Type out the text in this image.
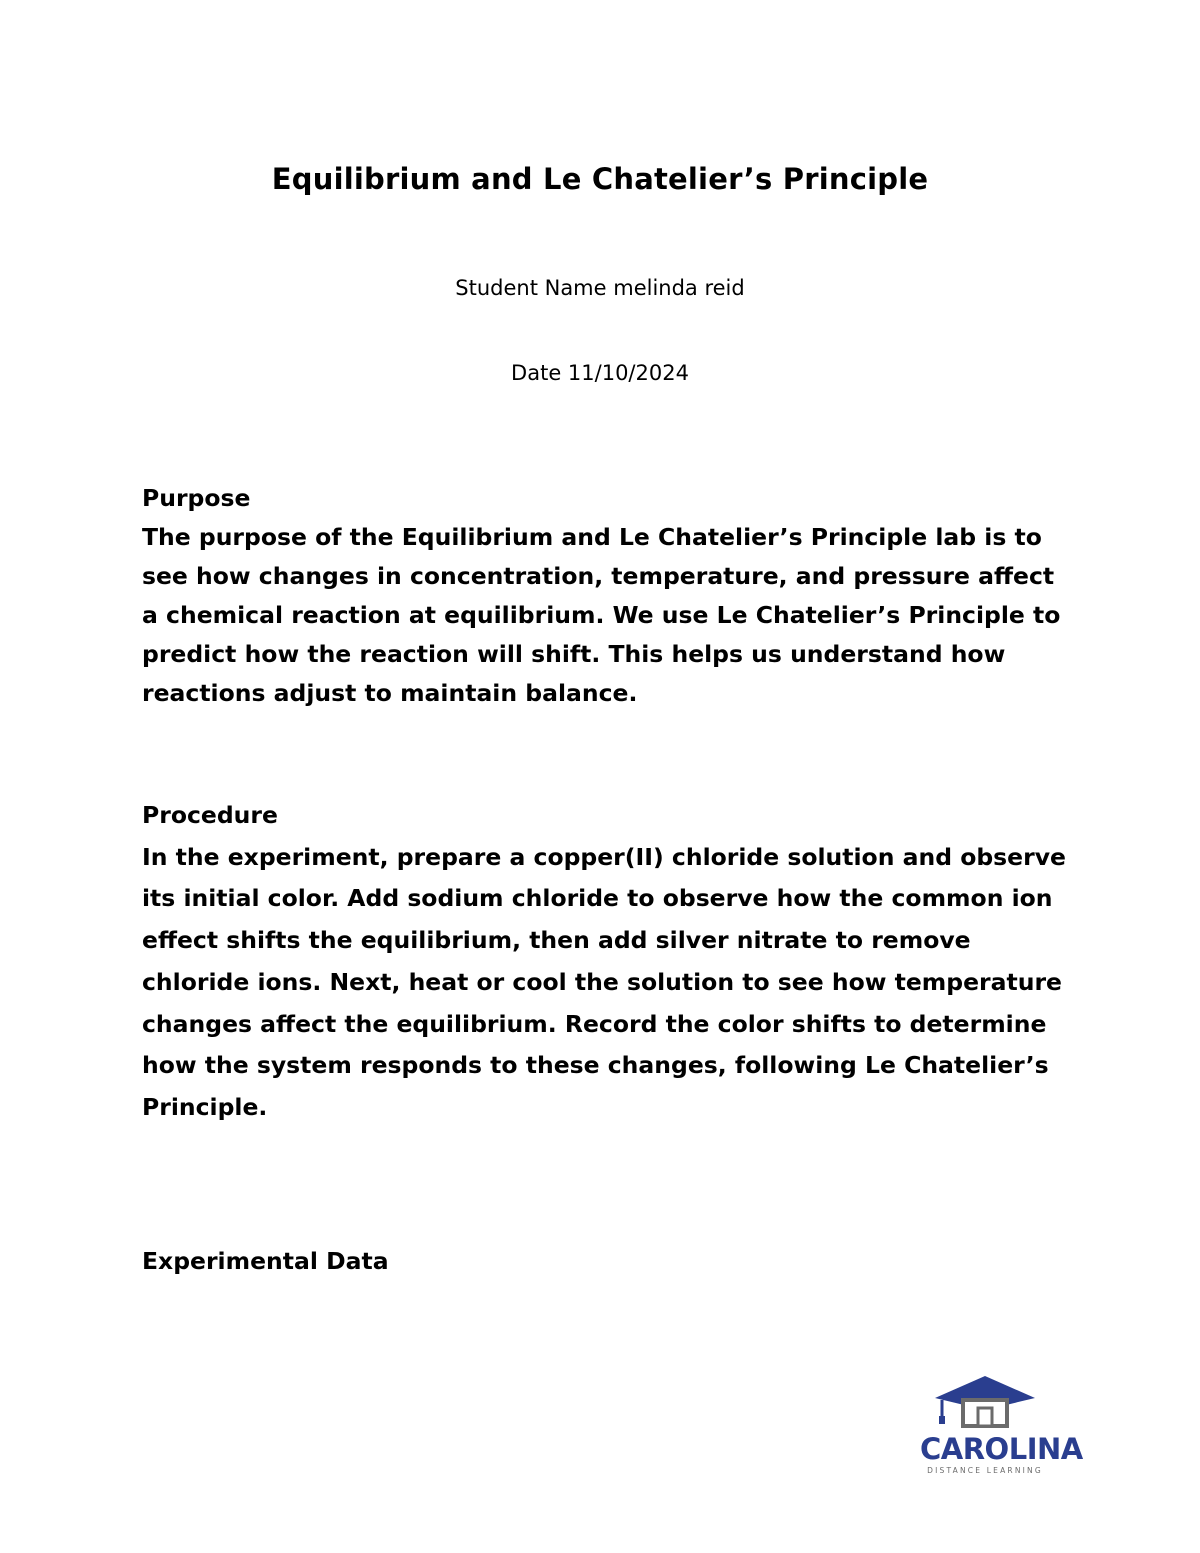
Equilibrium and Le Chatelier’s Principle

Student Name melinda reid

Date 11/10/2024

Purpose
The purpose of the Equilibrium and Le Chatelier’s Principle lab is to see how changes in concentration, temperature, and pressure affect a chemical reaction at equilibrium. We use Le Chatelier’s Principle to predict how the reaction will shift. This helps us understand how reactions adjust to maintain balance.
Procedure
In the experiment, prepare a copper(II) chloride solution and observe its initial color. Add sodium chloride to observe how the common ion effect shifts the equilibrium, then add silver nitrate to remove chloride ions. Next, heat or cool the solution to see how temperature changes affect the equilibrium. Record the color shifts to determine how the system responds to these changes, following Le Chatelier’s Principle.
Experimental Data
CAROLINA
DISTANCE LEARNING
